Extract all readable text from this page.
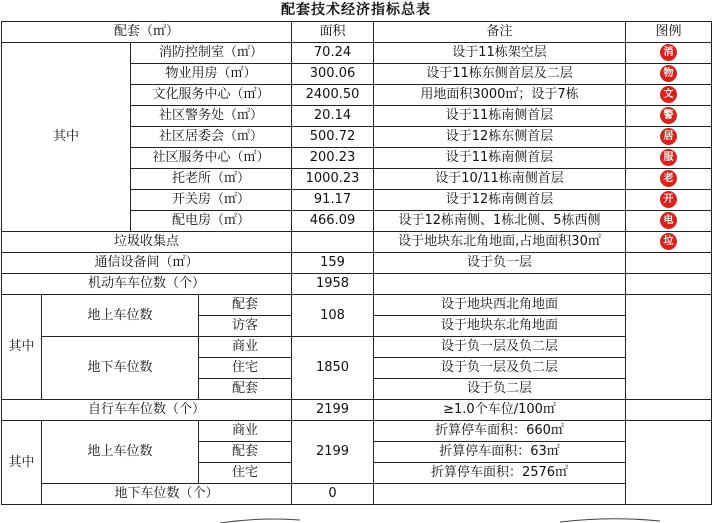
配套技术经济指标总表
配套（㎡）				面积	备注	图例
其中		消防控制室（㎡）		70.24	设于11栋架空层	消
		物业用房（㎡）		300.06	设于11栋东侧首层及二层	物
		文化服务中心（㎡）		2400.50	用地面积3000㎡；设于7栋	文
		社区警务处（㎡）		20.14	设于11栋南侧首层	警
		社区居委会（㎡）		500.72	设于12栋东侧首层	居
		社区服务中心（㎡）		200.23	设于11栋南侧首层	服
		托老所（㎡）		1000.23	设于10/11栋南侧首层	老
		开关房（㎡）		91.17	设于12栋南侧首层	开
		配电房（㎡）		466.09	设于12栋南侧、1栋北侧、5栋西侧	电
垃圾收集点					设于地块东北角地面,占地面积30㎡	垃
通信设备间（㎡）				159	设于负一层	
机动车车位数（个）				1958		
其中	地上车位数		配套	108	设于地块西北角地面	
			访客		设于地块东北角地面	
	地下车位数		商业	1850	设于负一层及负二层	
			住宅		设于负一层及负二层	
			配套		设于负二层	
自行车车位数（个）				2199	≥1.0个车位/100㎡	
其中	地上车位数		商业	2199	折算停车面积：660㎡	
			配套		折算停车面积：63㎡	
			住宅		折算停车面积：2576㎡	
	地下车位数（个）			0		
